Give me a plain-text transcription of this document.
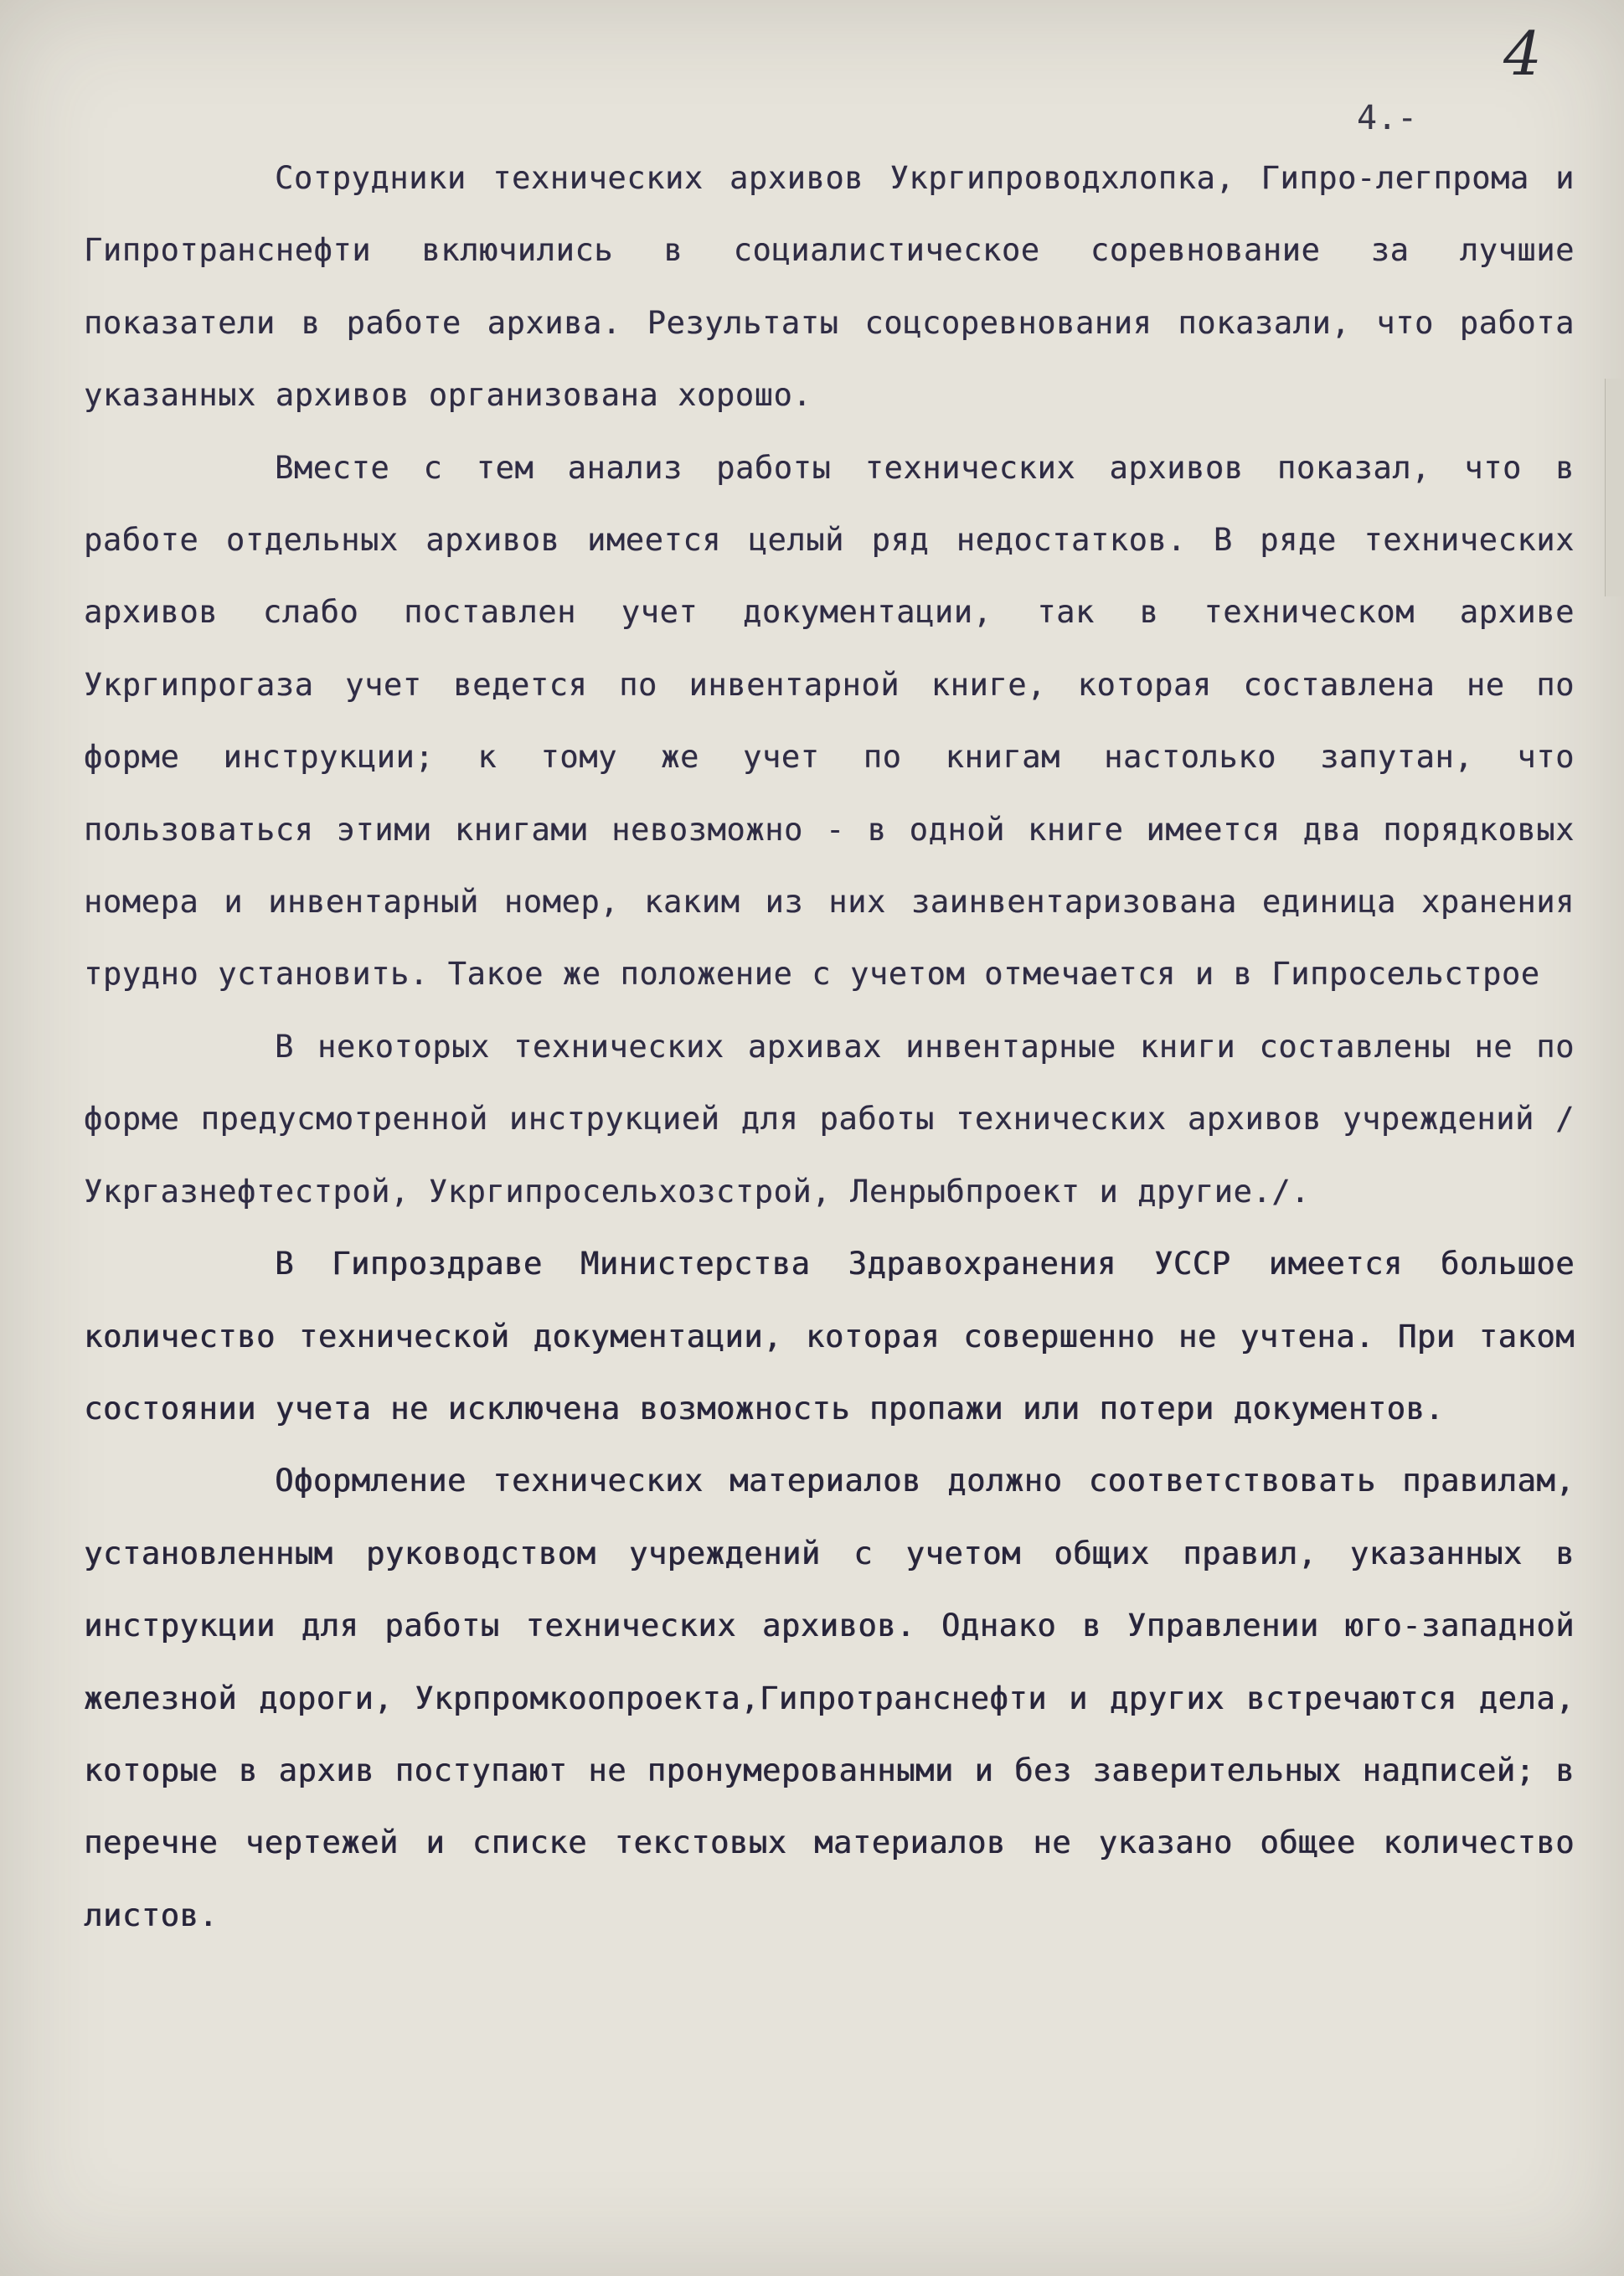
4
4.-

Сотрудники технических архивов Укргипроводхлопка, Гипро-легпрома и Гипротранснефти включились в социалистическое соревнование за лучшие показатели в работе архива. Результаты соцсоревнования показали, что работа указанных архивов организована хорошо.

Вместе с тем анализ работы технических архивов показал, что в работе отдельных архивов имеется целый ряд недостатков. В ряде технических архивов слабо поставлен учет документации, так в техническом архиве Укргипрогаза учет ведется по инвентарной книге, которая составлена не по форме инструкции; к тому же учет по книгам настолько запутан, что пользоваться этими книгами невозможно - в одной книге имеется два порядковых номера и инвентарный номер, каким из них заинвентаризована единица хранения трудно установить. Такое же положение с учетом отмечается и в Гипросельстрое

В некоторых технических архивах инвентарные книги составлены не по форме предусмотренной инструкцией для работы технических архивов учреждений /Укргазнефтестрой, Укргипросельхозстрой, Ленрыбпроект и другие./.

В Гипроздраве Министерства Здравохранения УССР имеется большое количество технической документации, которая совершенно не учтена. При таком состоянии учета не исключена возможность пропажи или потери документов.

Оформление технических материалов должно соответствовать правилам, установленным руководством учреждений с учетом общих правил, указанных в инструкции для работы технических архивов. Однако в Управлении юго-западной железной дороги, Укрпромкоопроекта,Гипротранснефти и других встречаются дела, которые в архив поступают не пронумерованными и без заверительных надписей; в перечне чертежей и списке текстовых материалов не указано общее количество листов.
